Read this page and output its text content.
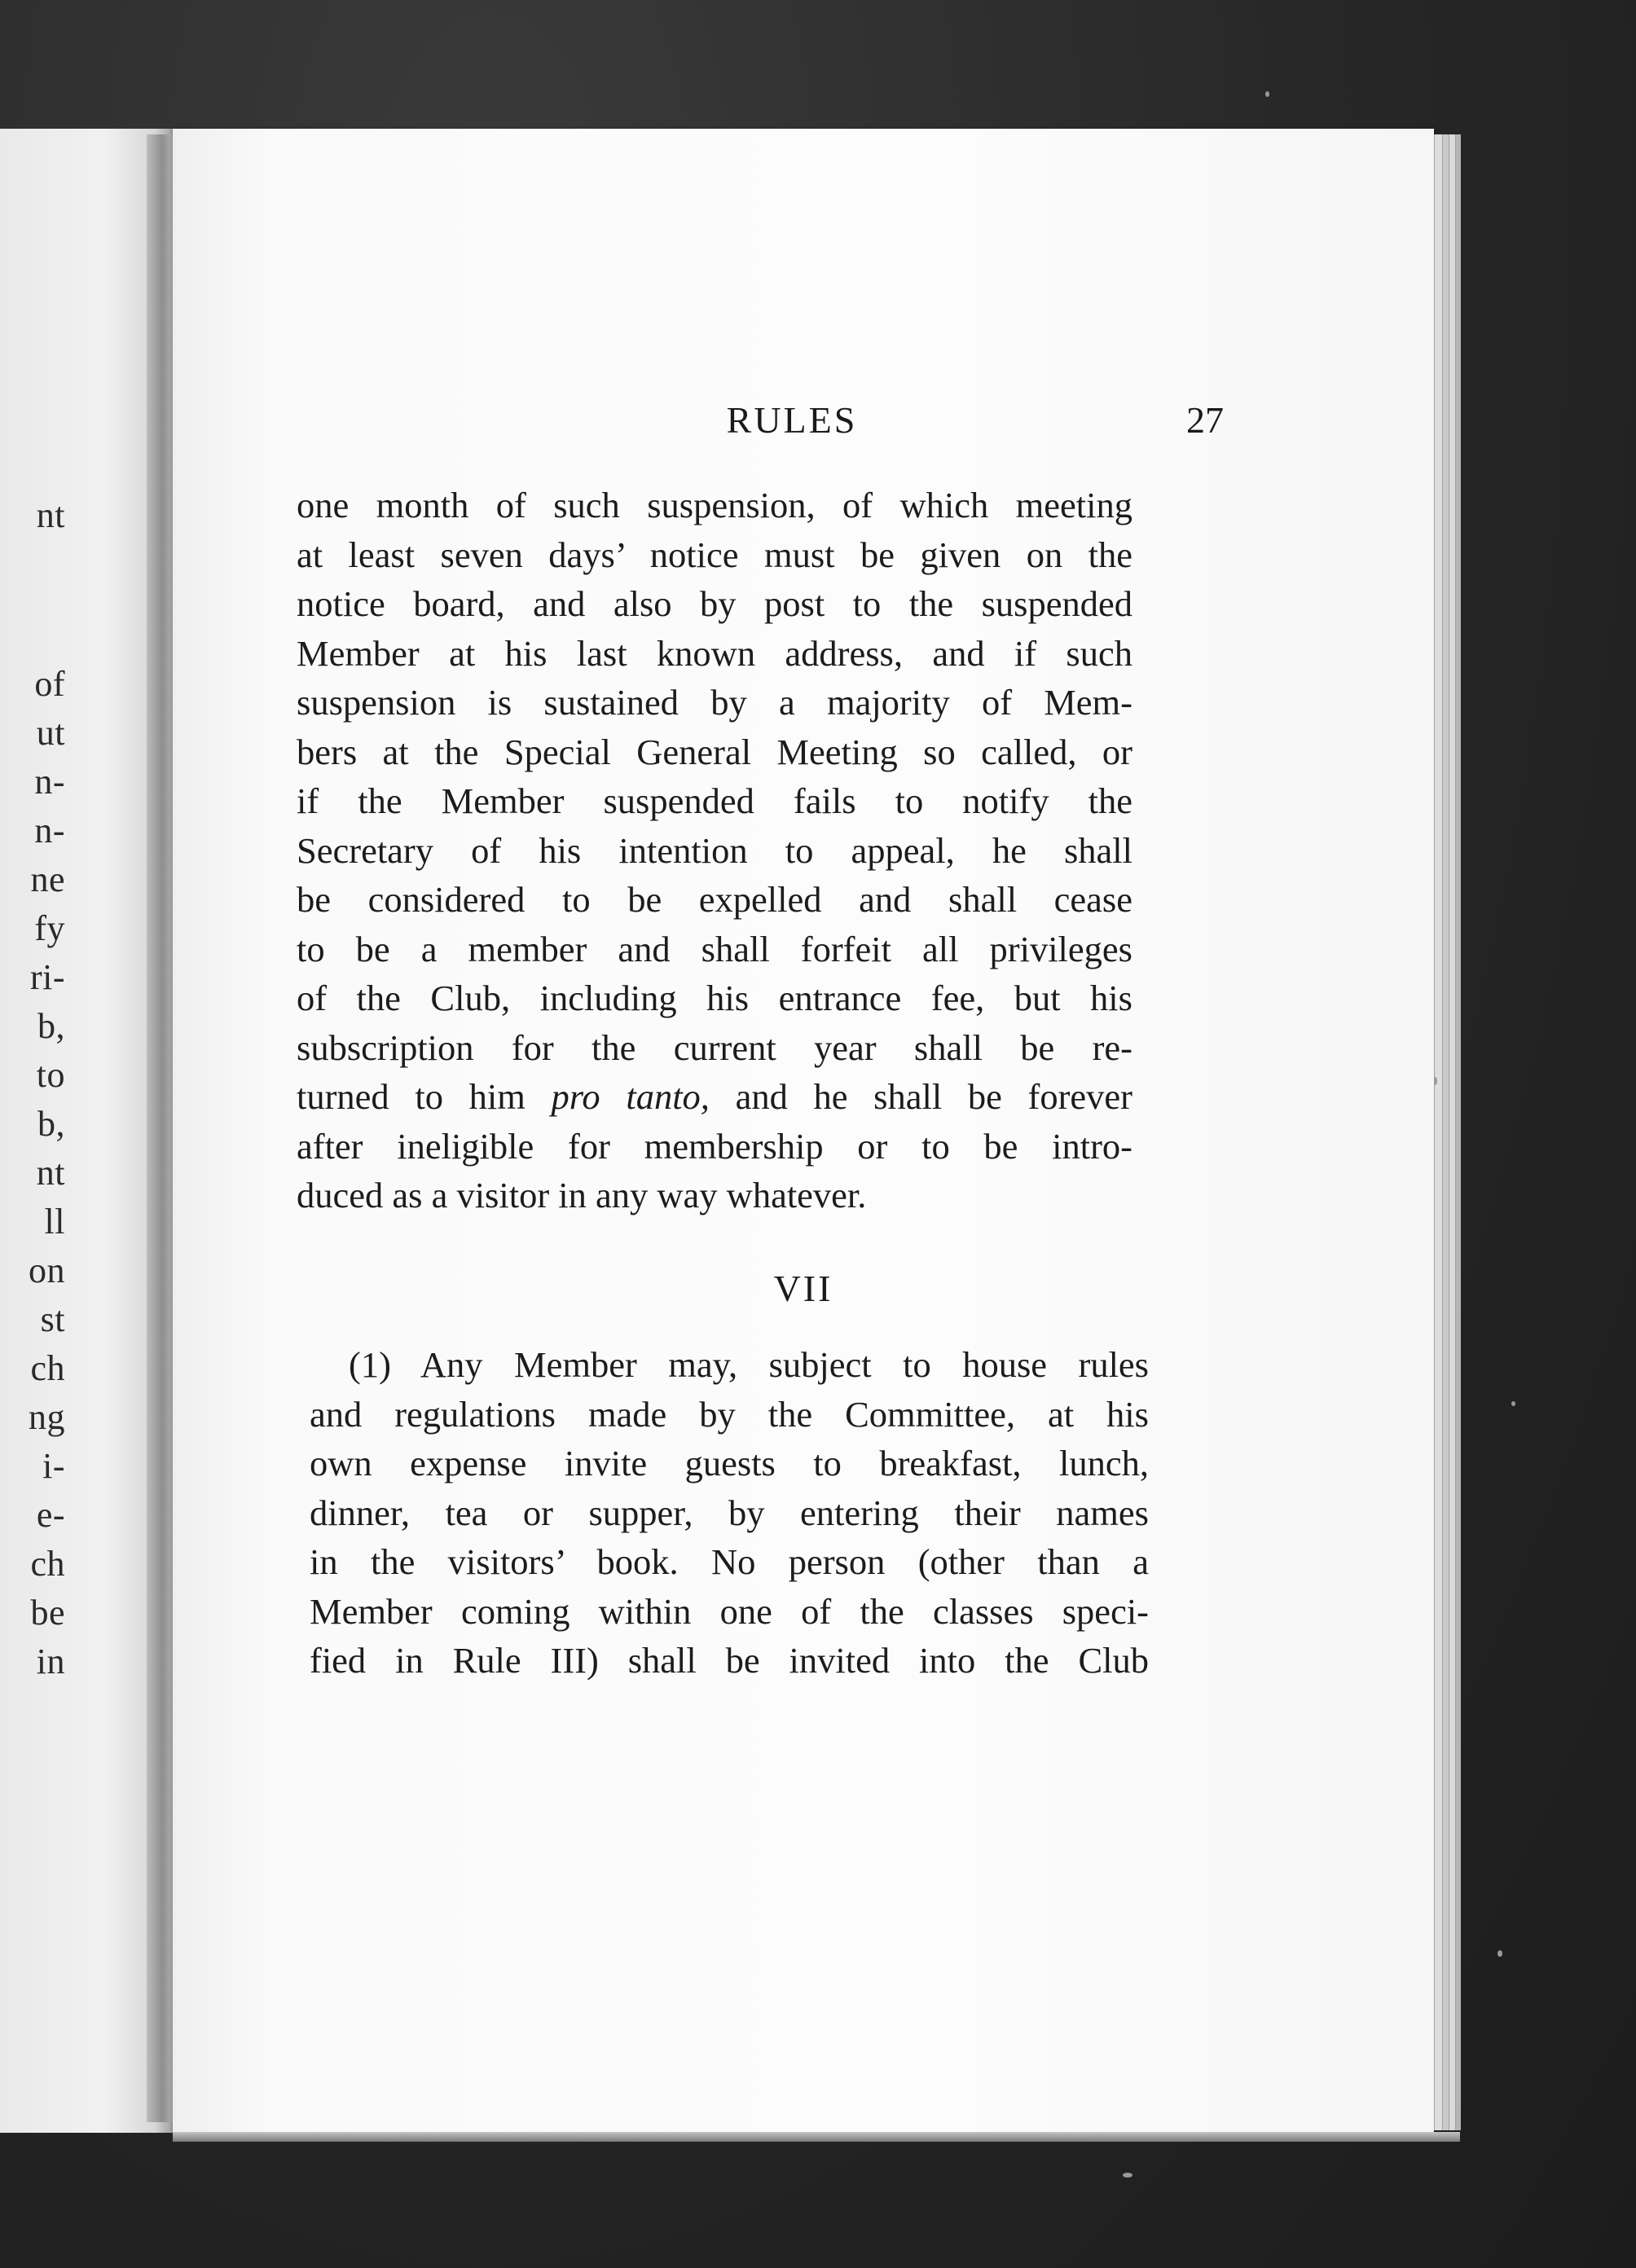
nt
of
ut
n-
n-
ne
fy
ri-
b,
to
b,
nt
ll
on
st
ch
ng
i-
e-
ch
be
in
RULES	27
one month of such suspension, of which meeting
at least seven days’ notice must be given on the
notice board, and also by post to the suspended
Member at his last known address, and if such
suspension is sustained by a majority of Mem-
bers at the Special General Meeting so called, or
if the Member suspended fails to notify the
Secretary of his intention to appeal, he shall
be considered to be expelled and shall cease
to be a member and shall forfeit all privileges
of the Club, including his entrance fee, but his
subscription for the current year shall be re-
turned to him pro tanto, and he shall be forever
after ineligible for membership or to be intro-
duced as a visitor in any way whatever.
VII
(1) Any Member may, subject to house rules
and regulations made by the Committee, at his
own expense invite guests to breakfast, lunch,
dinner, tea or supper, by entering their names
in the visitors’ book. No person (other than a
Member coming within one of the classes speci-
fied in Rule III) shall be invited into the Club
